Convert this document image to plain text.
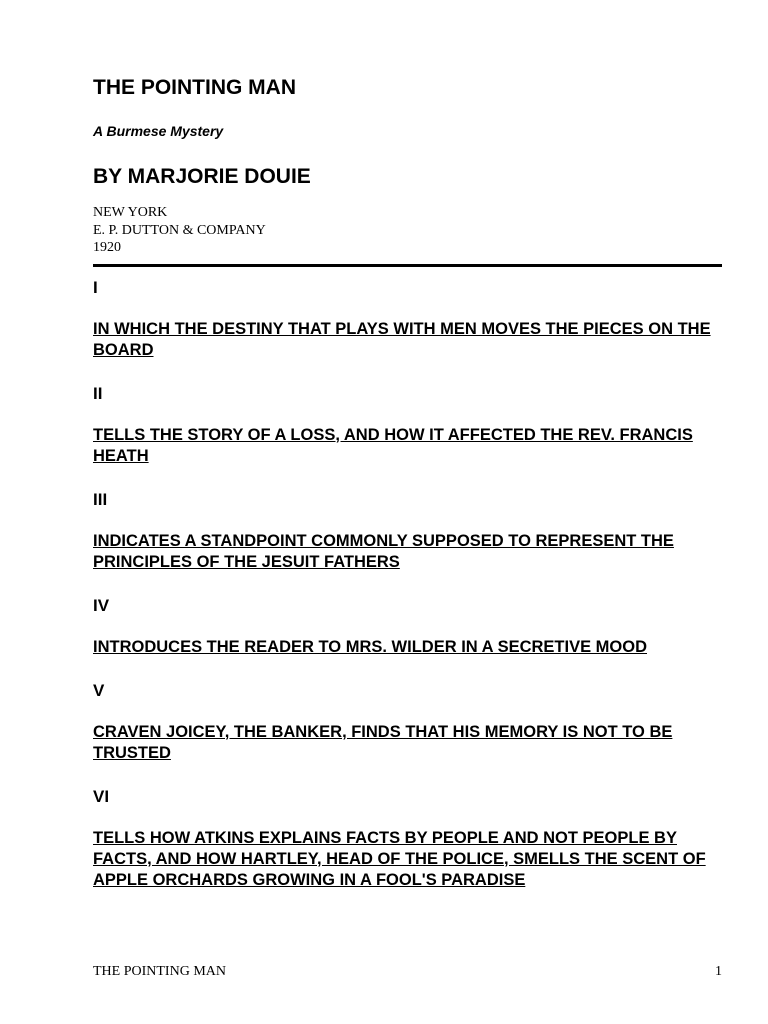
THE POINTING MAN
A Burmese Mystery
BY MARJORIE DOUIE
NEW YORK
E. P. DUTTON & COMPANY
1920
I
IN WHICH THE DESTINY THAT PLAYS WITH MEN MOVES THE PIECES ON THE BOARD
II
TELLS THE STORY OF A LOSS, AND HOW IT AFFECTED THE REV. FRANCIS HEATH
III
INDICATES A STANDPOINT COMMONLY SUPPOSED TO REPRESENT THE PRINCIPLES OF THE JESUIT FATHERS
IV
INTRODUCES THE READER TO MRS. WILDER IN A SECRETIVE MOOD
V
CRAVEN JOICEY, THE BANKER, FINDS THAT HIS MEMORY IS NOT TO BE TRUSTED
VI
TELLS HOW ATKINS EXPLAINS FACTS BY PEOPLE AND NOT PEOPLE BY FACTS, AND HOW HARTLEY, HEAD OF THE POLICE, SMELLS THE SCENT OF APPLE ORCHARDS GROWING IN A FOOL'S PARADISE
THE POINTING MAN	1
